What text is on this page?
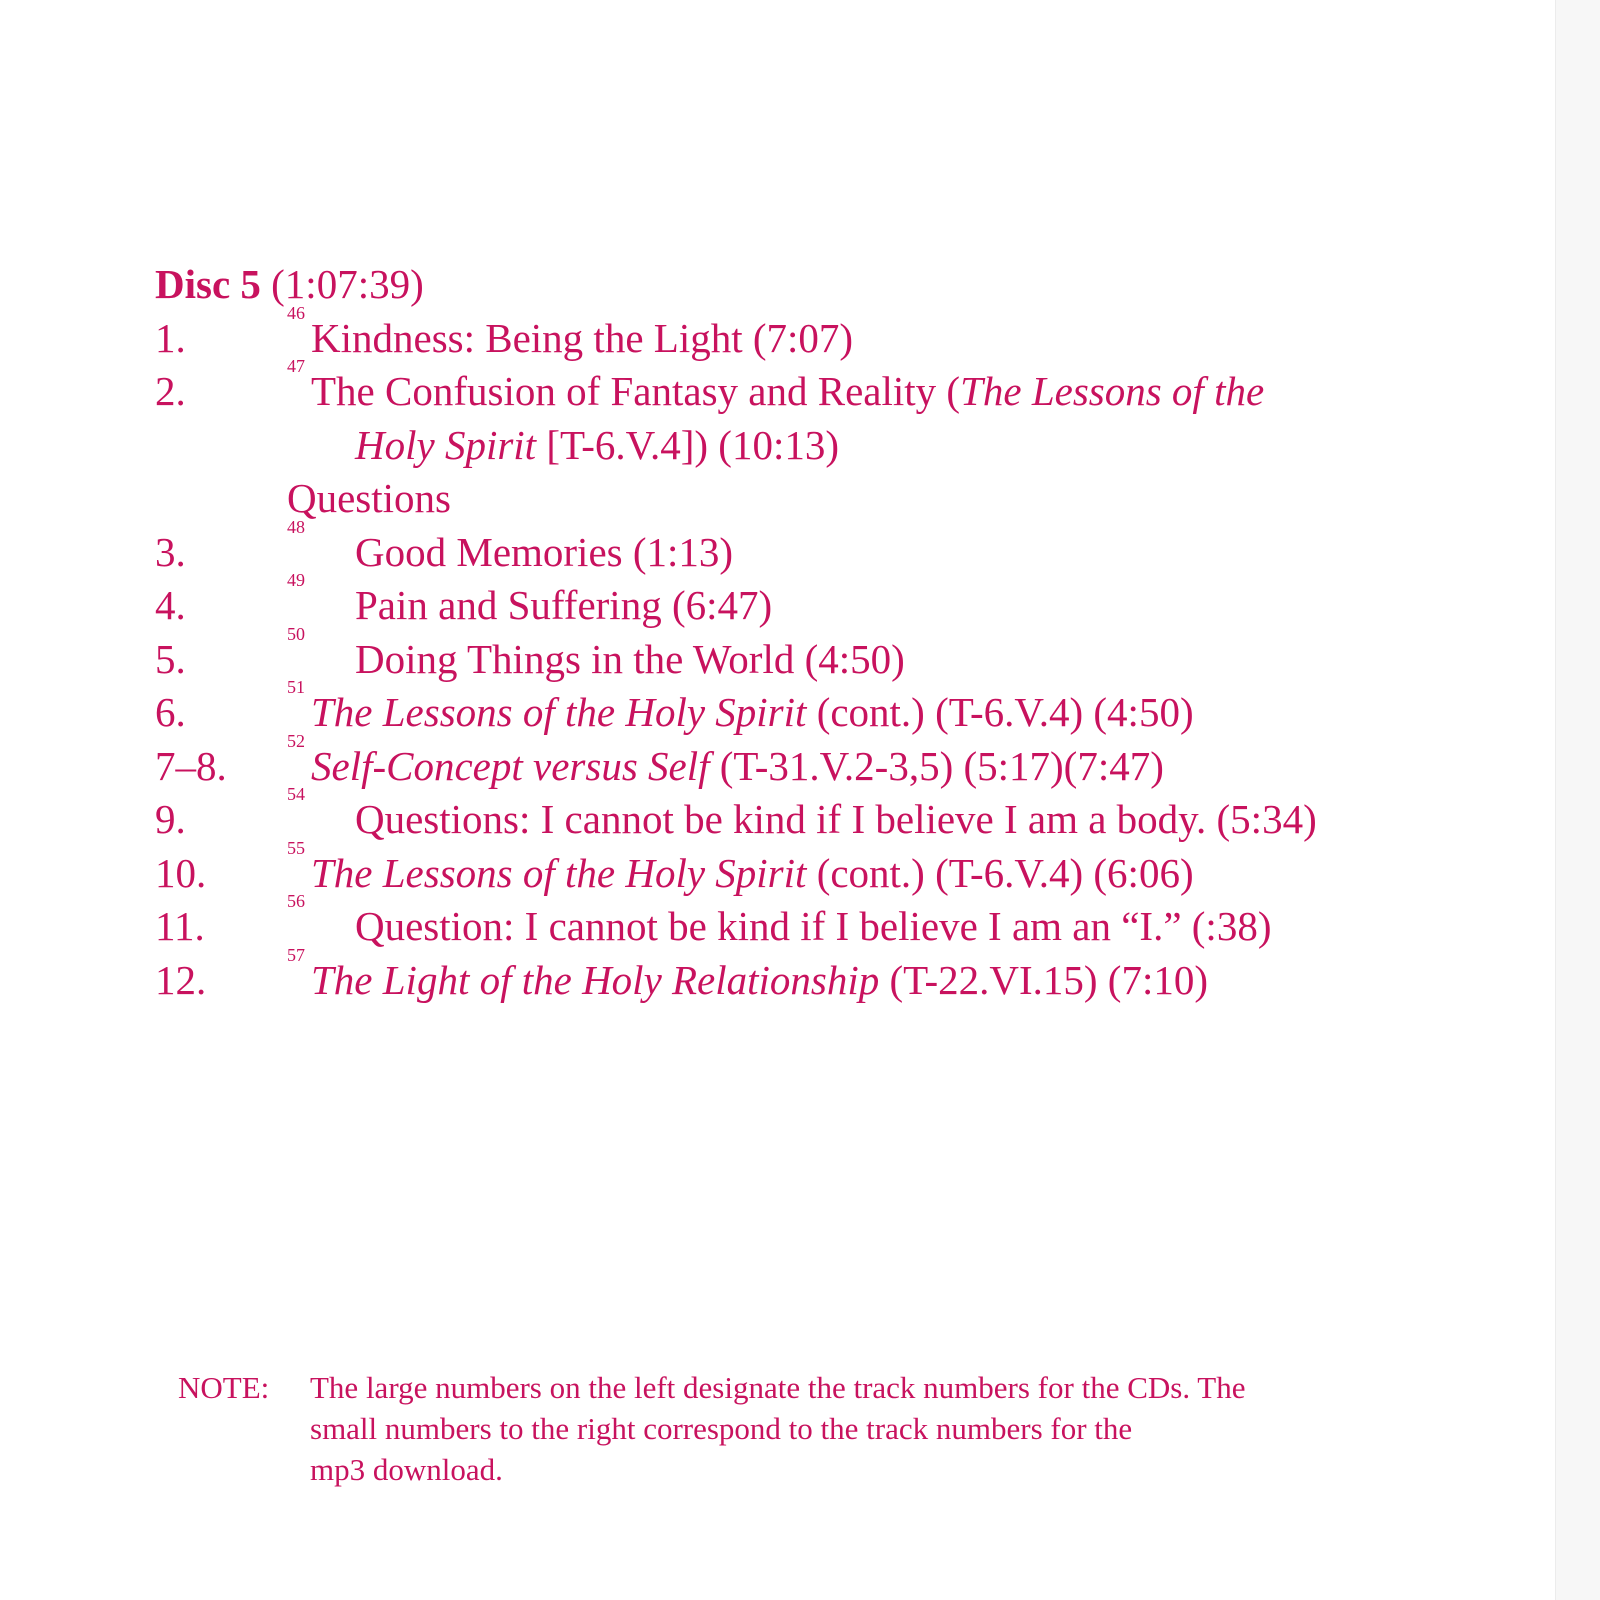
Disc 5 (1:07:39)
1.
46
Kindness: Being the Light (7:07)
2.
47
The Confusion of Fantasy and Reality (The Lessons of the
Holy Spirit [T-6.V.4]) (10:13)
Questions
3.
48
Good Memories (1:13)
4.
49
Pain and Suffering (6:47)
5.
50
Doing Things in the World (4:50)
6.
51
The Lessons of the Holy Spirit (cont.) (T-6.V.4) (4:50)
7–8.
52
Self-Concept versus Self (T-31.V.2-3,5) (5:17)(7:47)
9.
54
Questions: I cannot be kind if I believe I am a body. (5:34)
10.
55
The Lessons of the Holy Spirit (cont.) (T-6.V.4) (6:06)
11.
56
Question: I cannot be kind if I believe I am an “I.” (:38)
12.
57
The Light of the Holy Relationship (T-22.VI.15) (7:10)
NOTE: The large numbers on the left designate the track numbers for the CDs. The
small numbers to the right correspond to the track numbers for the
mp3 download.
